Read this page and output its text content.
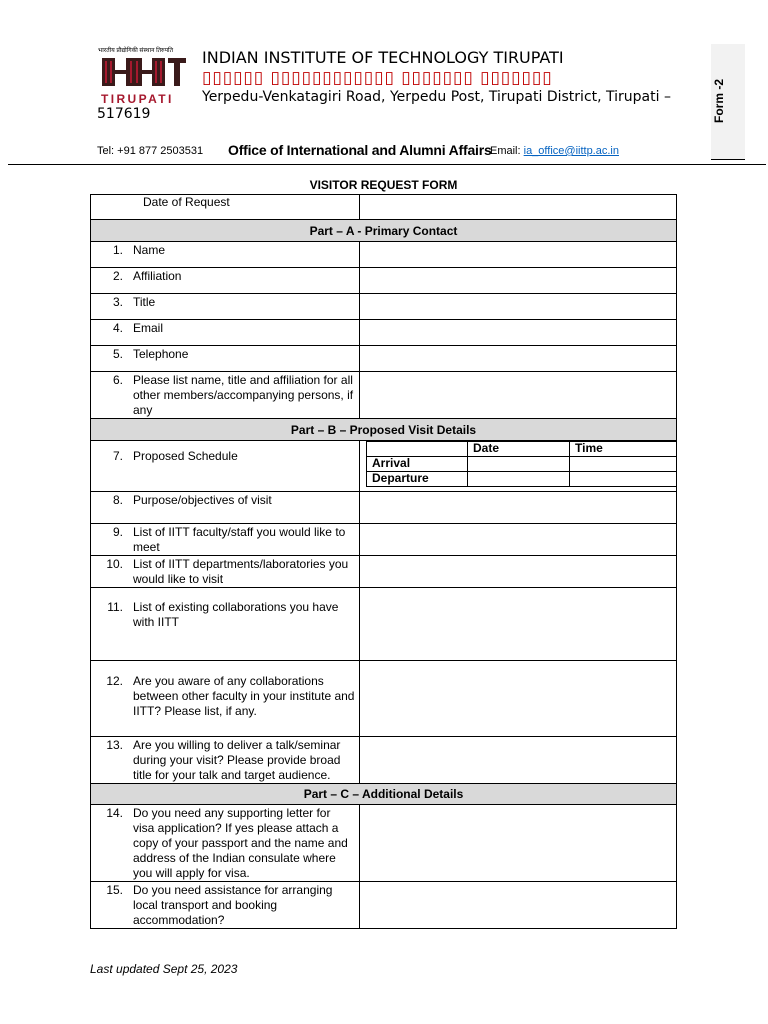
भारतीय प्रौद्योगिकी संस्थान तिरुपति
TIRUPATI
INDIAN INSTITUTE OF TECHNOLOGY TIRUPATI
▯▯▯▯▯▯ ▯▯▯▯▯▯▯▯▯▯▯▯ ▯▯▯▯▯▯▯ ▯▯▯▯▯▯▯
Yerpedu-Venkatagiri Road, Yerpedu Post, Tirupati District, Tirupati –
517619
Tel: +91 877 2503531 Office of International and Alumni Affairs
Email: ia_office@iittp.ac.in
Form -2
VISITOR REQUEST FORM
Date of Request

Part – A - Primary Contact

1. Name

2. Affiliation

3. Title

4. Email

5. Telephone

6. Please list name, title and affiliation for all other members/accompanying persons, if any

Part – B – Proposed Visit Details

7. Proposed Schedule

	Date	Time
Arrival		
Departure		

8. Purpose/objectives of visit

9. List of IITT faculty/staff you would like to meet

10. List of IITT departments/laboratories you would like to visit

11. List of existing collaborations you have with IITT

12. Are you aware of any collaborations between other faculty in your institute and IITT? Please list, if any.

13. Are you willing to deliver a talk/seminar during your visit? Please provide broad title for your talk and target audience.

Part – C – Additional Details

14. Do you need any supporting letter for visa application? If yes please attach a copy of your passport and the name and address of the Indian consulate where you will apply for visa.

15. Do you need assistance for arranging local transport and booking accommodation?

Last updated Sept 25, 2023
